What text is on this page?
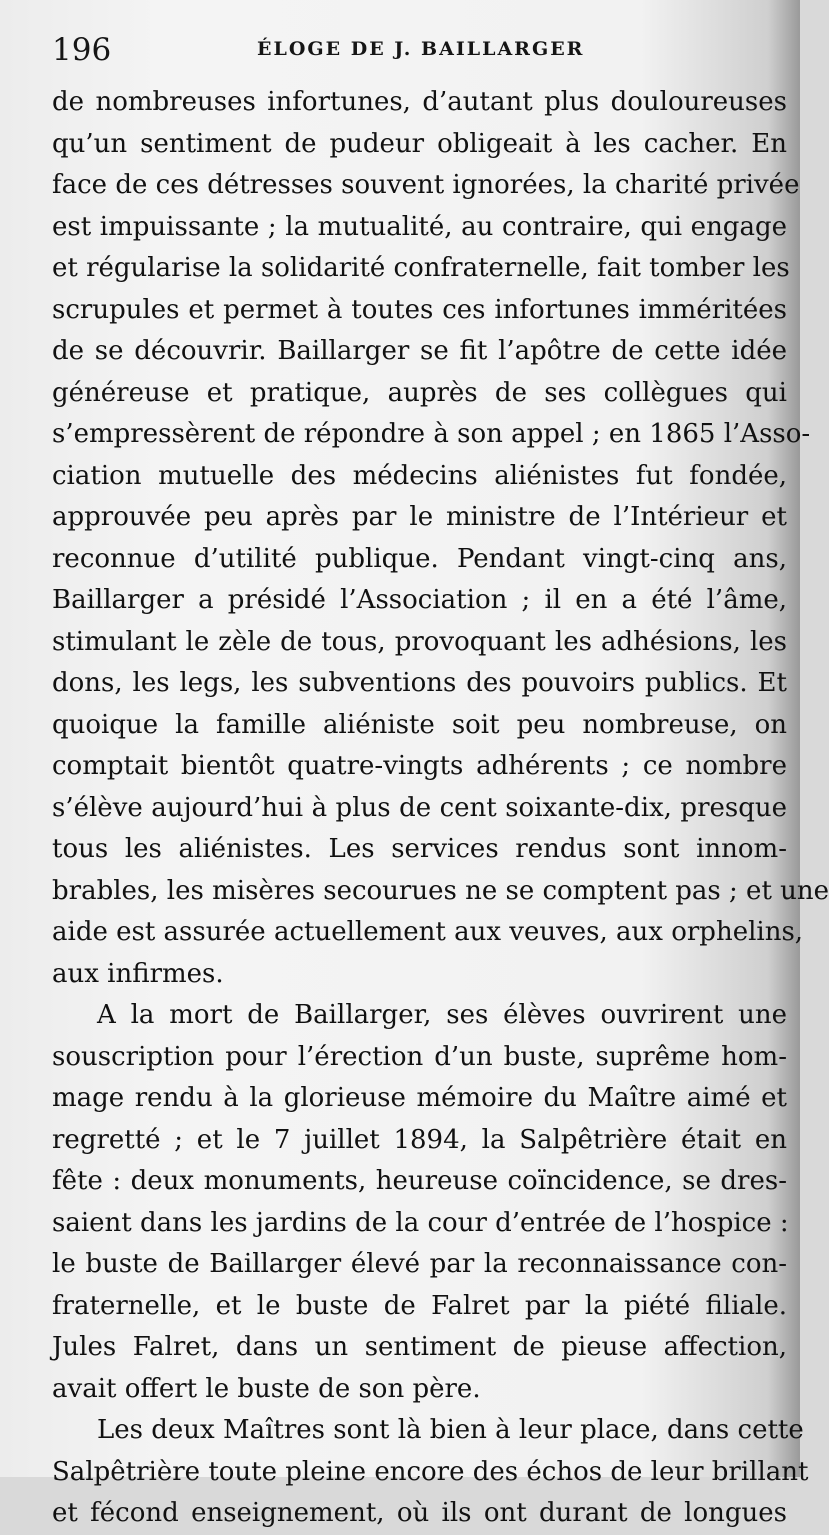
196	ÉLOGE DE J. BAILLARGER
de nombreuses infortunes, d’autant plus douloureuses
qu’un sentiment de pudeur obligeait à les cacher. En
face de ces détresses souvent ignorées, la charité privée
est impuissante ; la mutualité, au contraire, qui engage
et régularise la solidarité confraternelle, fait tomber les
scrupules et permet à toutes ces infortunes imméritées
de se découvrir. Baillarger se fit l’apôtre de cette idée
généreuse et pratique, auprès de ses collègues qui
s’empressèrent de répondre à son appel ; en 1865 l’Asso-
ciation mutuelle des médecins aliénistes fut fondée,
approuvée peu après par le ministre de l’Intérieur et
reconnue d’utilité publique. Pendant vingt-cinq ans,
Baillarger a présidé l’Association ; il en a été l’âme,
stimulant le zèle de tous, provoquant les adhésions, les
dons, les legs, les subventions des pouvoirs publics. Et
quoique la famille aliéniste soit peu nombreuse, on
comptait bientôt quatre-vingts adhérents ; ce nombre
s’élève aujourd’hui à plus de cent soixante-dix, presque
tous les aliénistes. Les services rendus sont innom-
brables, les misères secourues ne se comptent pas ; et une
aide est assurée actuellement aux veuves, aux orphelins,
aux infirmes.
A la mort de Baillarger, ses élèves ouvrirent une
souscription pour l’érection d’un buste, suprême hom-
mage rendu à la glorieuse mémoire du Maître aimé et
regretté ; et le 7 juillet 1894, la Salpêtrière était en
fête : deux monuments, heureuse coïncidence, se dres-
saient dans les jardins de la cour d’entrée de l’hospice :
le buste de Baillarger élevé par la reconnaissance con-
fraternelle, et le buste de Falret par la piété filiale.
Jules Falret, dans un sentiment de pieuse affection,
avait offert le buste de son père.
Les deux Maîtres sont là bien à leur place, dans cette
Salpêtrière toute pleine encore des échos de leur brillant
et fécond enseignement, où ils ont durant de longues
